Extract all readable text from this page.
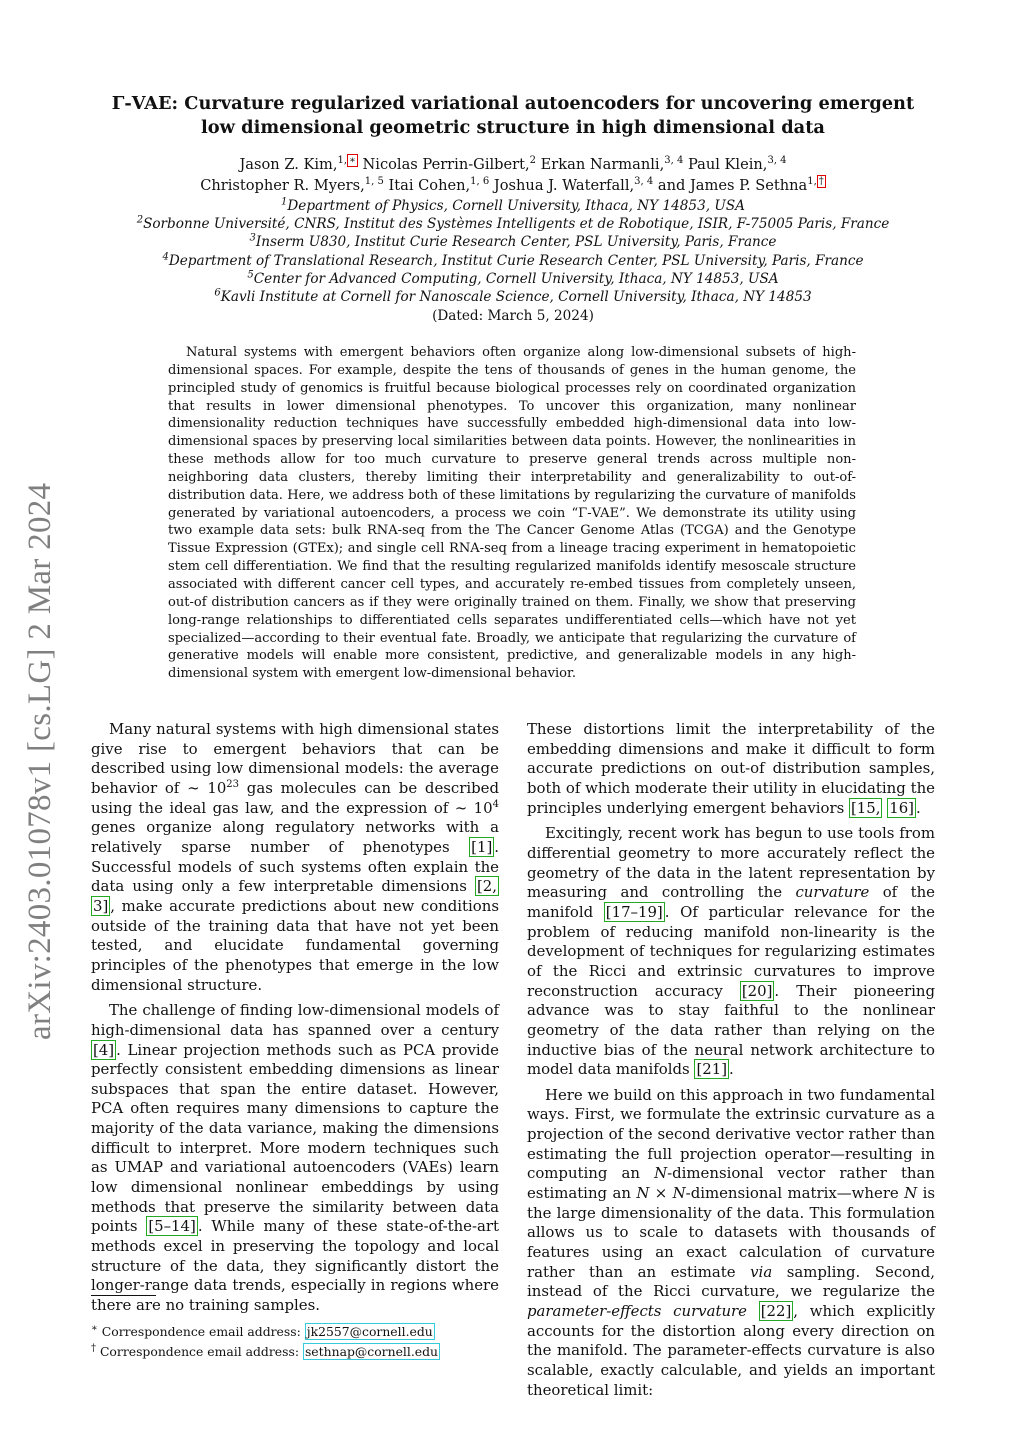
arXiv:2403.01078v1 [cs.LG] 2 Mar 2024
Γ-VAE: Curvature regularized variational autoencoders for uncovering emergent
low dimensional geometric structure in high dimensional data
Jason Z. Kim,$^{1, ∗}$ Nicolas Perrin-Gilbert,$^2$ Erkan Narmanli,$^{3, 4}$ Paul Klein,$^{3, 4}$
Christopher R. Myers,$^{1, 5}$ Itai Cohen,$^{1, 6}$ Joshua J. Waterfall,$^{3, 4}$ and James P. Sethna$^{1, \dagger}$
$^1$Department of Physics, Cornell University, Ithaca, NY 14853, USA
$^2$Sorbonne Université, CNRS, Institut des Systèmes Intelligents et de Robotique, ISIR, F-75005 Paris, France
$^3$Inserm U830, Institut Curie Research Center, PSL University, Paris, France
$^4$Department of Translational Research, Institut Curie Research Center, PSL University, Paris, France
$^5$Center for Advanced Computing, Cornell University, Ithaca, NY 14853, USA
$^6$Kavli Institute at Cornell for Nanoscale Science, Cornell University, Ithaca, NY 14853
(Dated: March 5, 2024)

Natural systems with emergent behaviors often organize along low-dimensional subsets of high-dimensional spaces. For example, despite the tens of thousands of genes in the human genome, the principled study of genomics is fruitful because biological processes rely on coordinated organization that results in lower dimensional phenotypes. To uncover this organization, many nonlinear dimensionality reduction techniques have successfully embedded high-dimensional data into low-dimensional spaces by preserving local similarities between data points. However, the nonlinearities in these methods allow for too much curvature to preserve general trends across multiple non-neighboring data clusters, thereby limiting their interpretability and generalizability to out-of-distribution data. Here, we address both of these limitations by regularizing the curvature of manifolds generated by variational autoencoders, a process we coin “Γ-VAE”. We demonstrate its utility using two example data sets: bulk RNA-seq from the The Cancer Genome Atlas (TCGA) and the Genotype Tissue Expression (GTEx); and single cell RNA-seq from a lineage tracing experiment in hematopoietic stem cell differentiation. We find that the resulting regularized manifolds identify mesoscale structure associated with different cancer cell types, and accurately re-embed tissues from completely unseen, out-of distribution cancers as if they were originally trained on them. Finally, we show that preserving long-range relationships to differentiated cells separates undifferentiated cells—which have not yet specialized—according to their eventual fate. Broadly, we anticipate that regularizing the curvature of generative models will enable more consistent, predictive, and generalizable models in any high-dimensional system with emergent low-dimensional behavior.

Many natural systems with high dimensional states give rise to emergent behaviors that can be described using low dimensional models: the average behavior of ∼ $10^{23}$ gas molecules can be described using the ideal gas law, and the expression of ∼ $10^4$ genes organize along regulatory networks with a relatively sparse number of phenotypes [1] . Successful models of such systems often explain the data using only a few interpretable dimensions [2, 3] , make accurate predictions about new conditions outside of the training data that have not yet been tested, and elucidate fundamental governing principles of the phenotypes that emerge in the low dimensional structure.

The challenge of finding low-dimensional models of high-dimensional data has spanned over a century [4] . Linear projection methods such as PCA provide perfectly consistent embedding dimensions as linear subspaces that span the entire dataset. However, PCA often requires many dimensions to capture the majority of the data variance, making the dimensions difficult to interpret. More modern techniques such as UMAP and variational autoencoders (VAEs) learn low dimensional nonlinear embeddings by using methods that preserve the similarity between data points [5–14] . While many of these state-of-the-art methods excel in preserving the topology and local structure of the data, they significantly distort the longer-range data trends, especially in regions where there are no training samples.

These distortions limit the interpretability of the embedding dimensions and make it difficult to form accurate predictions on out-of distribution samples, both of which moderate their utility in elucidating the principles underlying emergent behaviors [15, 16] .

Excitingly, recent work has begun to use tools from differential geometry to more accurately reflect the geometry of the data in the latent representation by measuring and controlling the curvature of the manifold [17–19] . Of particular relevance for the problem of reducing manifold non-linearity is the development of techniques for regularizing estimates of the Ricci and extrinsic curvatures to improve reconstruction accuracy [20] . Their pioneering advance was to stay faithful to the nonlinear geometry of the data rather than relying on the inductive bias of the neural network architecture to model data manifolds [21] .

Here we build on this approach in two fundamental ways. First, we formulate the extrinsic curvature as a projection of the second derivative vector rather than estimating the full projection operator—resulting in computing an N-dimensional vector rather than estimating an N × N-dimensional matrix—where N is the large dimensionality of the data. This formulation allows us to scale to datasets with thousands of features using an exact calculation of curvature rather than an estimate via sampling. Second, instead of the Ricci curvature, we regularize the parameter-effects curvature [22] , which explicitly accounts for the distortion along every direction on the manifold. The parameter-effects curvature is also scalable, exactly calculable, and yields an important theoretical limit:

∗ Correspondence email address: jk2557@cornell.edu
† Correspondence email address: sethnap@cornell.edu
